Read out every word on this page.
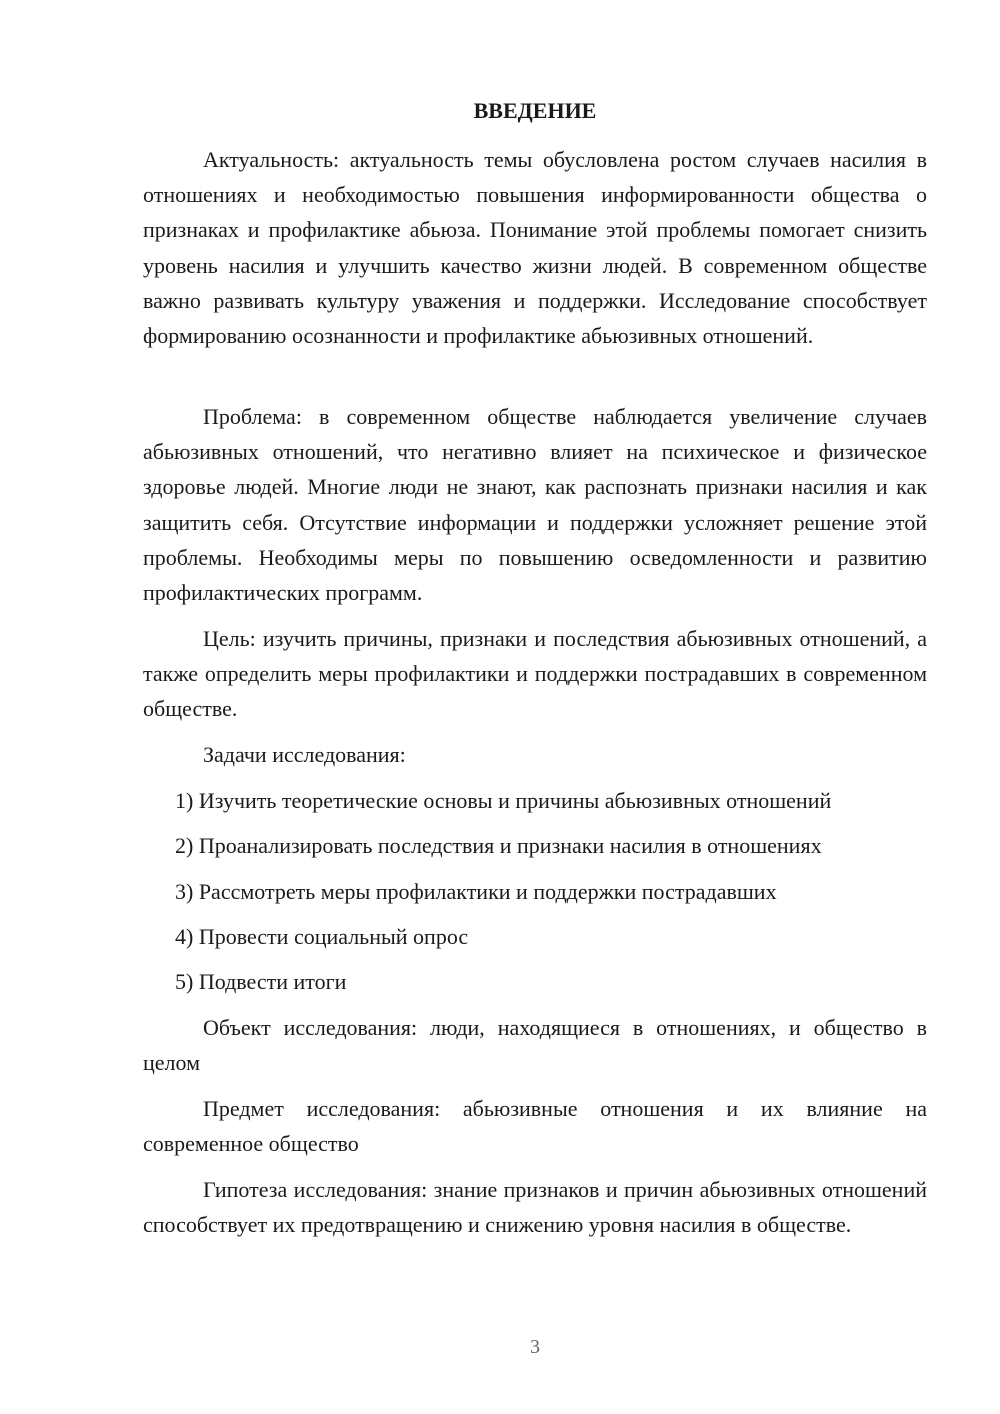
ВВЕДЕНИЕ

Актуальность: актуальность темы обусловлена ростом случаев насилия в отношениях и необходимостью повышения информированности общества о признаках и профилактике абьюза. Понимание этой проблемы помогает снизить уровень насилия и улучшить качество жизни людей. В современном обществе важно развивать культуру уважения и поддержки. Исследование способствует формированию осознанности и профилактике абьюзивных отношений.

Проблема: в современном обществе наблюдается увеличение случаев абьюзивных отношений, что негативно влияет на психическое и физическое здоровье людей. Многие люди не знают, как распознать признаки насилия и как защитить себя. Отсутствие информации и поддержки усложняет решение этой проблемы. Необходимы меры по повышению осведомленности и развитию профилактических программ.

Цель: изучить причины, признаки и последствия абьюзивных отношений, а также определить меры профилактики и поддержки пострадавших в современном обществе.

Задачи исследования:

1) Изучить теоретические основы и причины абьюзивных отношений

2) Проанализировать последствия и признаки насилия в отношениях

3) Рассмотреть меры профилактики и поддержки пострадавших

4) Провести социальный опрос

5) Подвести итоги

Объект исследования: люди, находящиеся в отношениях, и общество в целом

Предмет исследования: абьюзивные отношения и их влияние на современное общество

Гипотеза исследования: знание признаков и причин абьюзивных отношений способствует их предотвращению и снижению уровня насилия в обществе.

3
